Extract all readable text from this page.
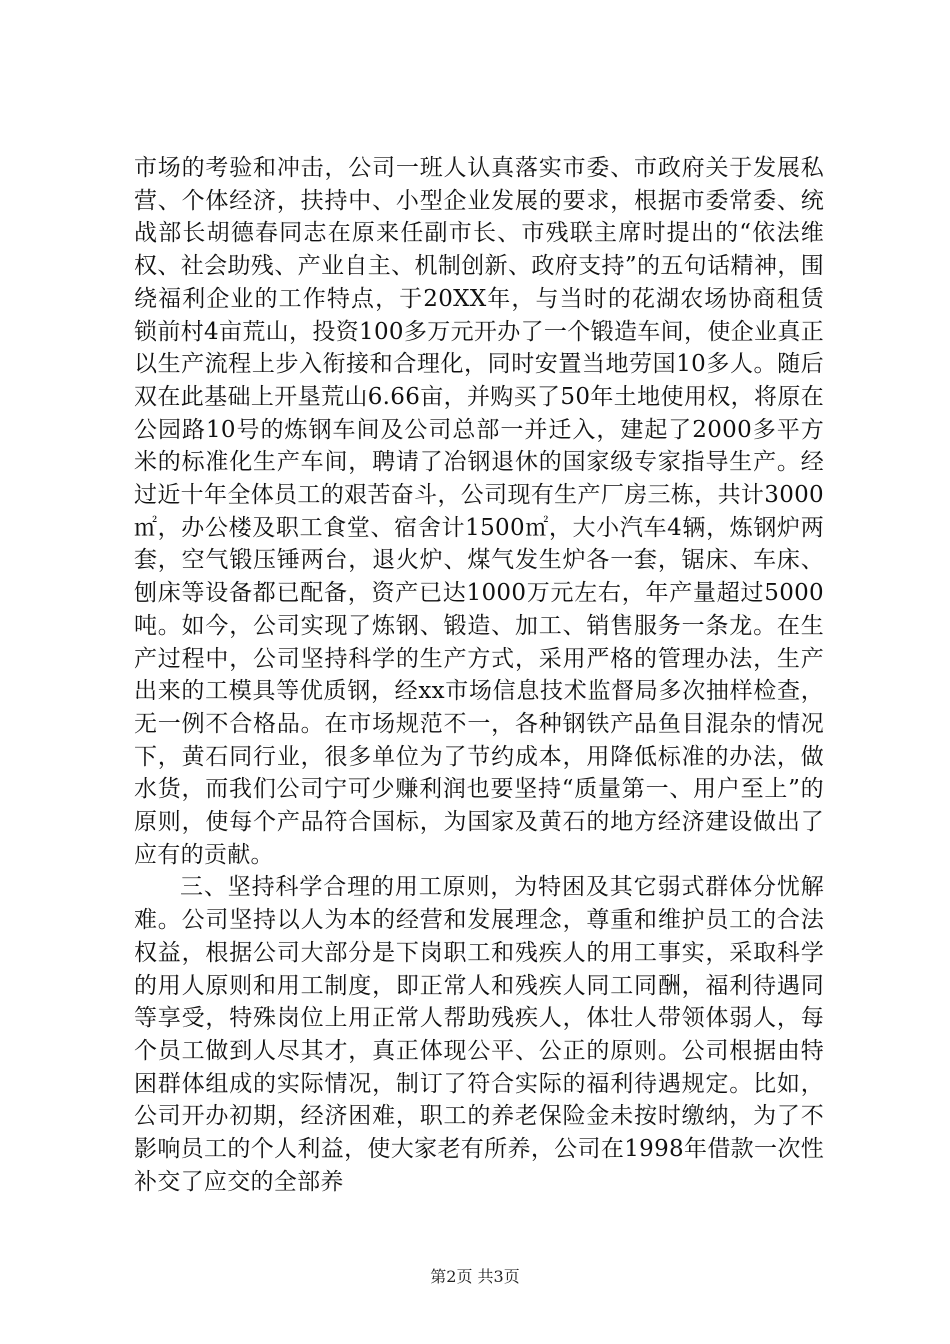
市场的考验和冲击，公司一班人认真落实市委、市政府关于发展私营、个体经济，扶持中、小型企业发展的要求，根据市委常委、统战部长胡德春同志在原来任副市长、市残联主席时提出的“依法维权、社会助残、产业自主、机制创新、政府支持”的五句话精神，围绕福利企业的工作特点，于20XX年，与当时的花湖农场协商租赁锁前村4亩荒山，投资100多万元开办了一个锻造车间，使企业真正以生产流程上步入衔接和合理化，同时安置当地劳国10多人。随后双在此基础上开垦荒山6.66亩，并购买了50年土地使用权，将原在公园路10号的炼钢车间及公司总部一并迁入，建起了2000多平方米的标准化生产车间，聘请了冶钢退休的国家级专家指导生产。经过近十年全体员工的艰苦奋斗，公司现有生产厂房三栋，共计3000㎡，办公楼及职工食堂、宿舍计1500㎡，大小汽车4辆，炼钢炉两套，空气锻压锤两台，退火炉、煤气发生炉各一套，锯床、车床、刨床等设备都已配备，资产已达1000万元左右，年产量超过5000吨。如今，公司实现了炼钢、锻造、加工、销售服务一条龙。在生产过程中，公司坚持科学的生产方式，采用严格的管理办法，生产出来的工模具等优质钢，经xx市场信息技术监督局多次抽样检查，无一例不合格品。在市场规范不一，各种钢铁产品鱼目混杂的情况下，黄石同行业，很多单位为了节约成本，用降低标准的办法，做水货，而我们公司宁可少赚利润也要坚持“质量第一、用户至上”的原则，使每个产品符合国标，为国家及黄石的地方经济建设做出了应有的贡献。

三、坚持科学合理的用工原则，为特困及其它弱式群体分忧解难。公司坚持以人为本的经营和发展理念，尊重和维护员工的合法权益，根据公司大部分是下岗职工和残疾人的用工事实，采取科学的用人原则和用工制度，即正常人和残疾人同工同酬，福利待遇同等享受，特殊岗位上用正常人帮助残疾人，体壮人带领体弱人，每个员工做到人尽其才，真正体现公平、公正的原则。公司根据由特困群体组成的实际情况，制订了符合实际的福利待遇规定。比如，公司开办初期，经济困难，职工的养老保险金未按时缴纳，为了不影响员工的个人利益，使大家老有所养，公司在1998年借款一次性补交了应交的全部养

第2页 共3页
